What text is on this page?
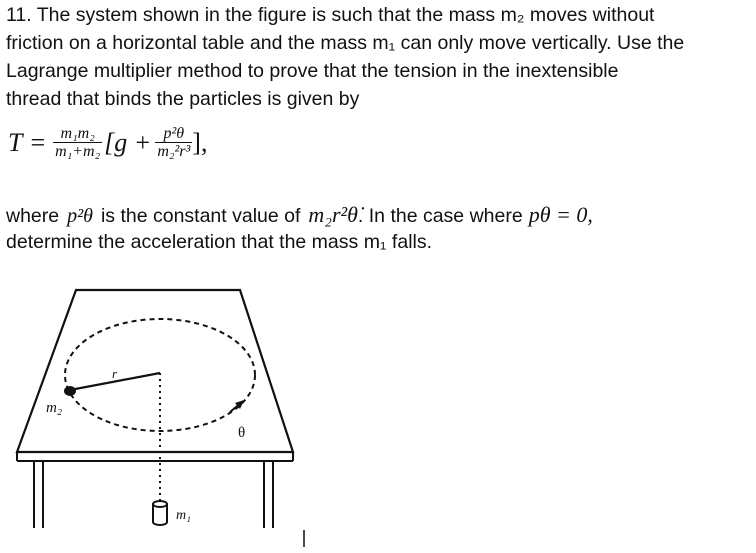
11. The system shown in the figure is such that the mass m₂ moves without
friction on a horizontal table and the mass m₁ can only move vertically. Use the
Lagrange multiplier method to prove that the tension in the inextensible
thread that binds the particles is given by
$T = \frac{\text{m₁m₂}}{\text{m₁+m₂}} [g + \frac{\text{p²θ}}{\text{m₂²r³}}$ ],
where p²θ is the constant value of m₂r²θ̇ . In the case where pθ = 0,
determine the acceleration that the mass m₁ falls.
m₂
r
θ
m₁
